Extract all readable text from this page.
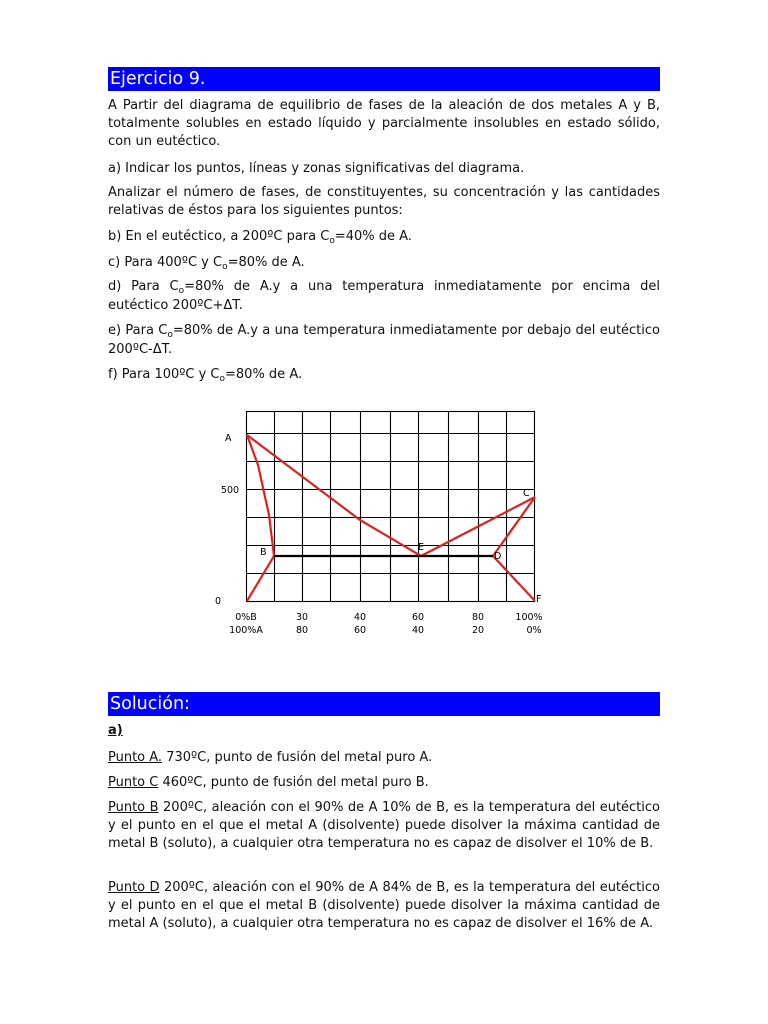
Ejercicio 9.
A Partir del diagrama de equilibrio de fases de la aleación de dos metales A y B, totalmente solubles en estado líquido y parcialmente insolubles en estado sólido, con un eutéctico.
a) Indicar los puntos, líneas y zonas significativas del diagrama.
Analizar el número de fases, de constituyentes, su concentración y las cantidades relativas de éstos para los siguientes puntos:
b) En el eutéctico, a 200ºC para $C_o=40\%$ de A.
c) Para 400ºC y $C_o=80\%$ de A.
d) Para $C_o=80\%$ de A.y a una temperatura inmediatamente por encima del eutéctico 200ºC+ΔT.
e) Para $C_o=80\%$ de A.y a una temperatura inmediatamente por debajo del eutéctico 200ºC-ΔT.
f) Para 100ºC y $C_o=80\%$ de A.
Solución:
a)
Punto A. 730ºC, punto de fusión del metal puro A.
Punto C 460ºC, punto de fusión del metal puro B.
Punto B 200ºC, aleación con el 90% de A 10% de B, es la temperatura del eutéctico y el punto en el que el metal A (disolvente) puede disolver la máxima cantidad de metal B (soluto), a cualquier otra temperatura no es capaz de disolver el 10% de B.
Punto D 200ºC, aleación con el 90% de A 84% de B, es la temperatura del eutéctico y el punto en el que el metal B (disolvente) puede disolver la máxima cantidad de metal A (soluto), a cualquier otra temperatura no es capaz de disolver el 16% de A.
0
500
0%B	30	40	60	80	100%
100%A	80	60	40	20	0%
A
B	E
D
C
F
